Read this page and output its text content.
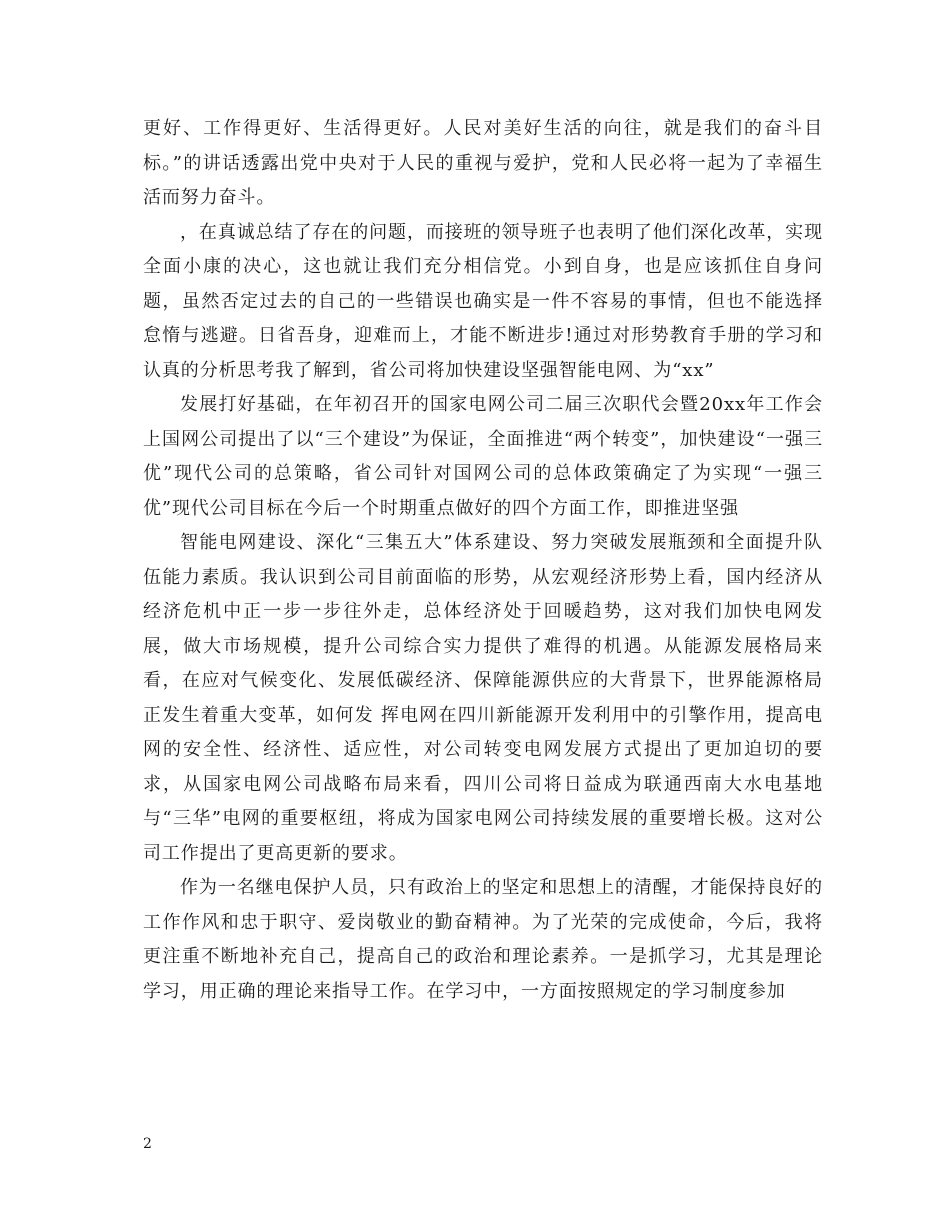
更好、工作得更好、生活得更好。人民对美好生活的向往，就是我们的奋斗目标。”的讲话透露出党中央对于人民的重视与爱护，党和人民必将一起为了幸福生活而努力奋斗。

，在真诚总结了存在的问题，而接班的领导班子也表明了他们深化改革，实现全面小康的决心，这也就让我们充分相信党。小到自身，也是应该抓住自身问题，虽然否定过去的自己的一些错误也确实是一件不容易的事情，但也不能选择怠惰与逃避。日省吾身，迎难而上，才能不断进步!通过对形势教育手册的学习和认真的分析思考我了解到，省公司将加快建设坚强智能电网、为“xx”

发展打好基础，在年初召开的国家电网公司二届三次职代会暨20xx年工作会上国网公司提出了以“三个建设”为保证，全面推进“两个转变”，加快建设“一强三优”现代公司的总策略，省公司针对国网公司的总体政策确定了为实现“一强三优”现代公司目标在今后一个时期重点做好的四个方面工作，即推进坚强

智能电网建设、深化“三集五大”体系建设、努力突破发展瓶颈和全面提升队伍能力素质。我认识到公司目前面临的形势，从宏观经济形势上看，国内经济从经济危机中正一步一步往外走，总体经济处于回暖趋势，这对我们加快电网发展，做大市场规模，提升公司综合实力提供了难得的机遇。从能源发展格局来看，在应对气候变化、发展低碳经济、保障能源供应的大背景下，世界能源格局正发生着重大变革，如何发 挥电网在四川新能源开发利用中的引擎作用，提高电网的安全性、经济性、适应性，对公司转变电网发展方式提出了更加迫切的要求，从国家电网公司战略布局来看，四川公司将日益成为联通西南大水电基地与“三华”电网的重要枢纽，将成为国家电网公司持续发展的重要增长极。这对公司工作提出了更高更新的要求。

作为一名继电保护人员，只有政治上的坚定和思想上的清醒，才能保持良好的工作作风和忠于职守、爱岗敬业的勤奋精神。为了光荣的完成使命，今后，我将更注重不断地补充自己，提高自己的政治和理论素养。一是抓学习，尤其是理论学习，用正确的理论来指导工作。在学习中，一方面按照规定的学习制度参加

2
